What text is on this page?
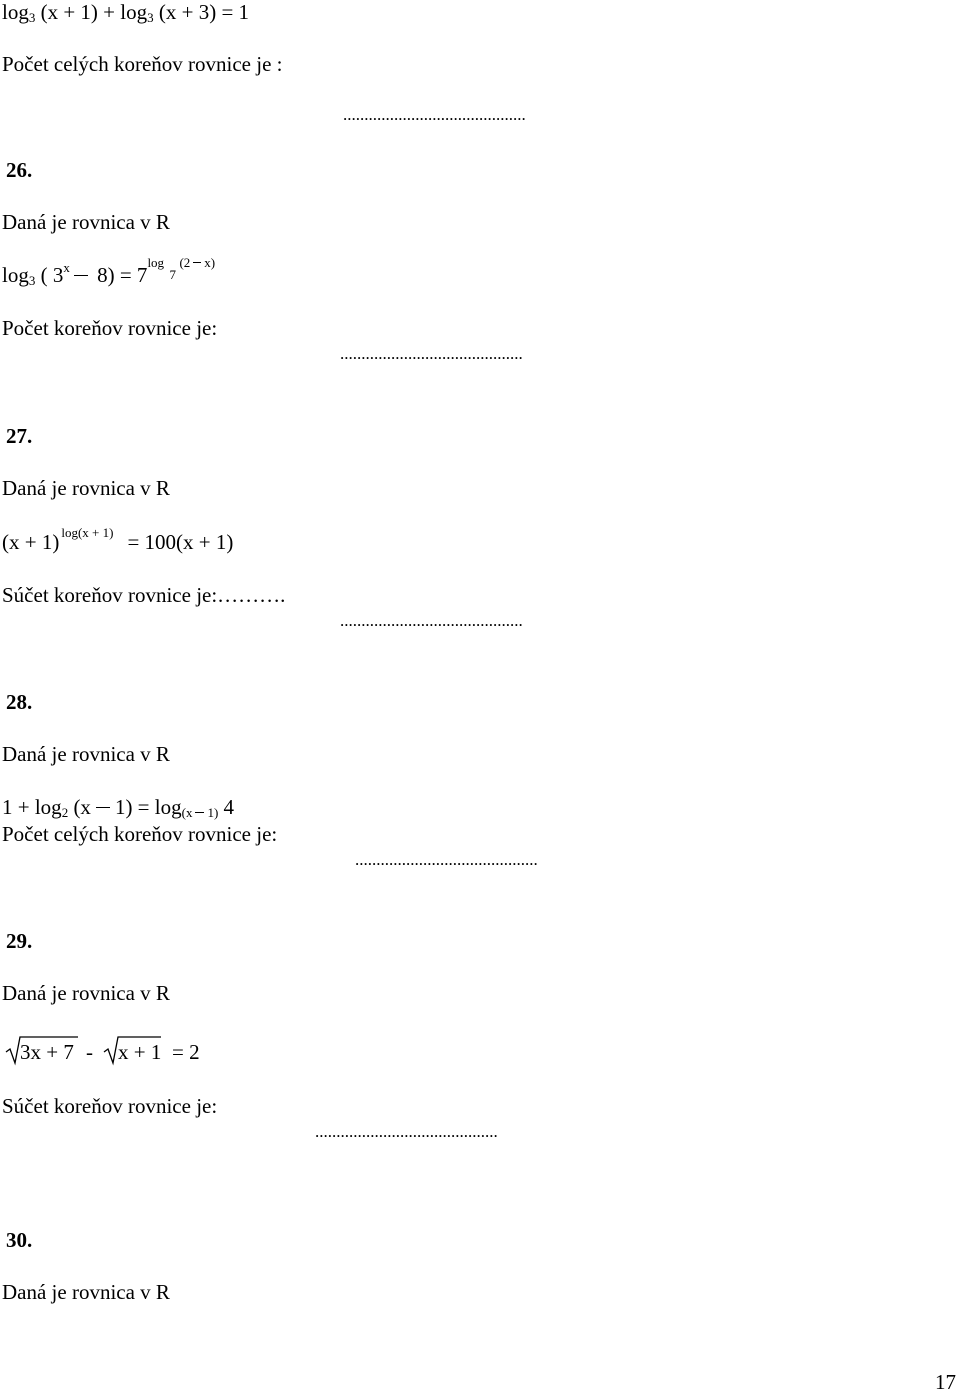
$\log_3 (x + 1) + \log_3 (x + 3) = 1$
Počet celých koreňov rovnice je :
...........................................
26.
Daná je rovnica v R
$\log_3$ ( 3$^x$ 8) = 7
log (2 x)
7
Počet koreňov rovnice je:
...........................................
27.
Daná je rovnica v R
(x + 1) $^{log(x + 1)}$ = 100(x + 1)
Súčet koreňov rovnice je:……….
...........................................
28.
Daná je rovnica v R
$1 + \log_2 (x$ $1) = \log_{(x 1)} 4$
Počet celých koreňov rovnice je:
...........................................
29.
Daná je rovnica v R
3x + 7 - x + 1 = 2
Súčet koreňov rovnice je:
...........................................
30.
Daná je rovnica v R
17
